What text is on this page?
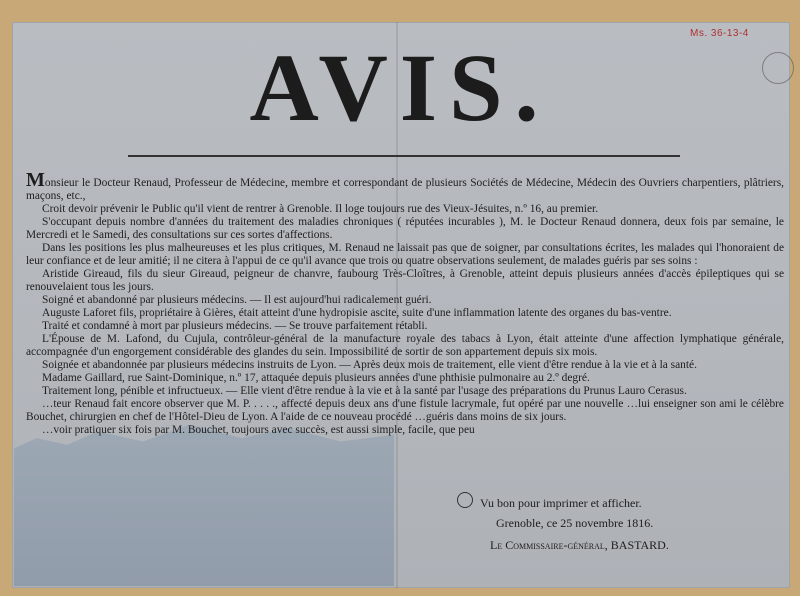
Ms. 36-13-4
AVIS.

Monsieur le Docteur Renaud, Professeur de Médecine, membre et correspondant de plusieurs Sociétés de Médecine, Médecin des Ouvriers charpentiers, plâtriers, maçons, etc.,

Croit devoir prévenir le Public qu'il vient de rentrer à Grenoble. Il loge toujours rue des Vieux-Jésuites, n.º 16, au premier.

S'occupant depuis nombre d'années du traitement des maladies chroniques ( réputées incurables ), M. le Docteur Renaud donnera, deux fois par semaine, le Mercredi et le Samedi, des consultations sur ces sortes d'affections.

Dans les positions les plus malheureuses et les plus critiques, M. Renaud ne laissait pas que de soigner, par consultations écrites, les malades qui l'honoraient de leur confiance et de leur amitié; il ne citera à l'appui de ce qu'il avance que trois ou quatre observations seulement, de malades guéris par ses soins :

Aristide Gireaud, fils du sieur Gireaud, peigneur de chanvre, faubourg Très-Cloîtres, à Grenoble, atteint depuis plusieurs années d'accès épileptiques qui se renouvelaient tous les jours.

Soigné et abandonné par plusieurs médecins. — Il est aujourd'hui radicalement guéri.

Auguste Laforet fils, propriétaire à Gières, était atteint d'une hydropisie ascite, suite d'une inflammation latente des organes du bas-ventre.

Traité et condamné à mort par plusieurs médecins. — Se trouve parfaitement rétabli.

L'Épouse de M. Lafond, du Cujula, contrôleur-général de la manufacture royale des tabacs à Lyon, était atteinte d'une affection lymphatique générale, accompagnée d'un engorgement considérable des glandes du sein. Impossibilité de sortir de son appartement depuis six mois.

Soignée et abandonnée par plusieurs médecins instruits de Lyon. — Après deux mois de traitement, elle vient d'être rendue à la vie et à la santé.

Madame Gaillard, rue Saint-Dominique, n.º 17, attaquée depuis plusieurs années d'une phthisie pulmonaire au 2.º degré.

Traitement long, pénible et infructueux. — Elle vient d'être rendue à la vie et à la santé par l'usage des préparations du Prunus Lauro Cerasus.

…teur Renaud fait encore observer que M. P. . . . ., affecté depuis deux ans d'une fistule lacrymale, fut opéré par une nouvelle …lui enseigner son ami le célèbre Bouchet, chirurgien en chef de l'Hôtel-Dieu de Lyon. A l'aide de ce nouveau procédé …guéris dans moins de six jours.

…voir pratiquer six fois par M. Bouchet, toujours avec succès, est aussi simple, facile, que peu

Vu bon pour imprimer et afficher.
Grenoble, ce 25 novembre 1816.
Le Commissaire-général, BASTARD.
